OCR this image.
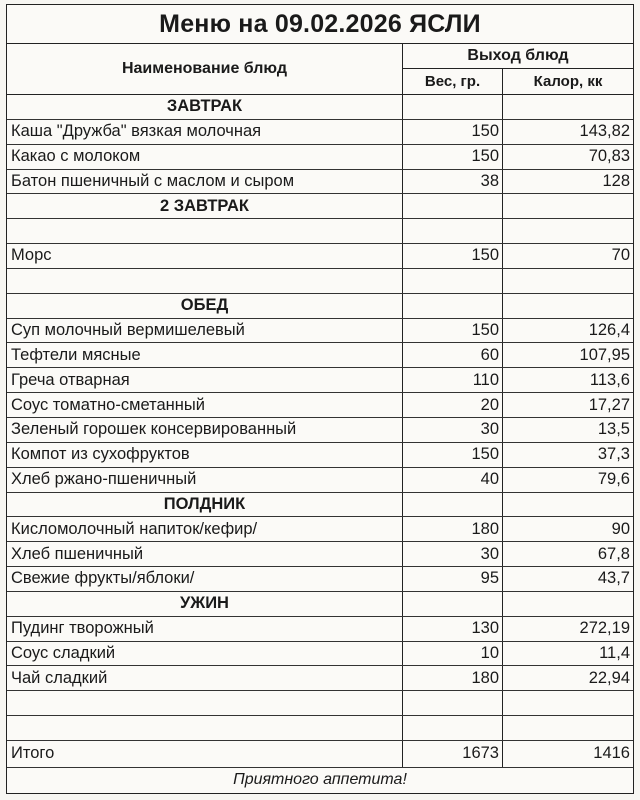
Меню на 09.02.2026 ЯСЛИ
Наименование блюд
Выход блюд
Вес, гр.	Калор, кк
ЗАВТРАК
Каша "Дружба" вязкая молочная	150	143,82
Какао с молоком	150	70,83
Батон пшеничный с маслом и сыром	38	128
2 ЗАВТРАК
Морс	150	70
ОБЕД
Суп молочный вермишелевый	150	126,4
Тефтели мясные	60	107,95
Греча отварная	110	113,6
Соус томатно-сметанный	20	17,27
Зеленый горошек консервированный	30	13,5
Компот из сухофруктов	150	37,3
Хлеб ржано-пшеничный	40	79,6
ПОЛДНИК
Кисломолочный напиток/кефир/	180	90
Хлеб пшеничный	30	67,8
Свежие фрукты/яблоки/	95	43,7
УЖИН
Пудинг творожный	130	272,19
Соус сладкий	10	11,4
Чай сладкий	180	22,94
Итого	1673	1416
Приятного аппетита!
